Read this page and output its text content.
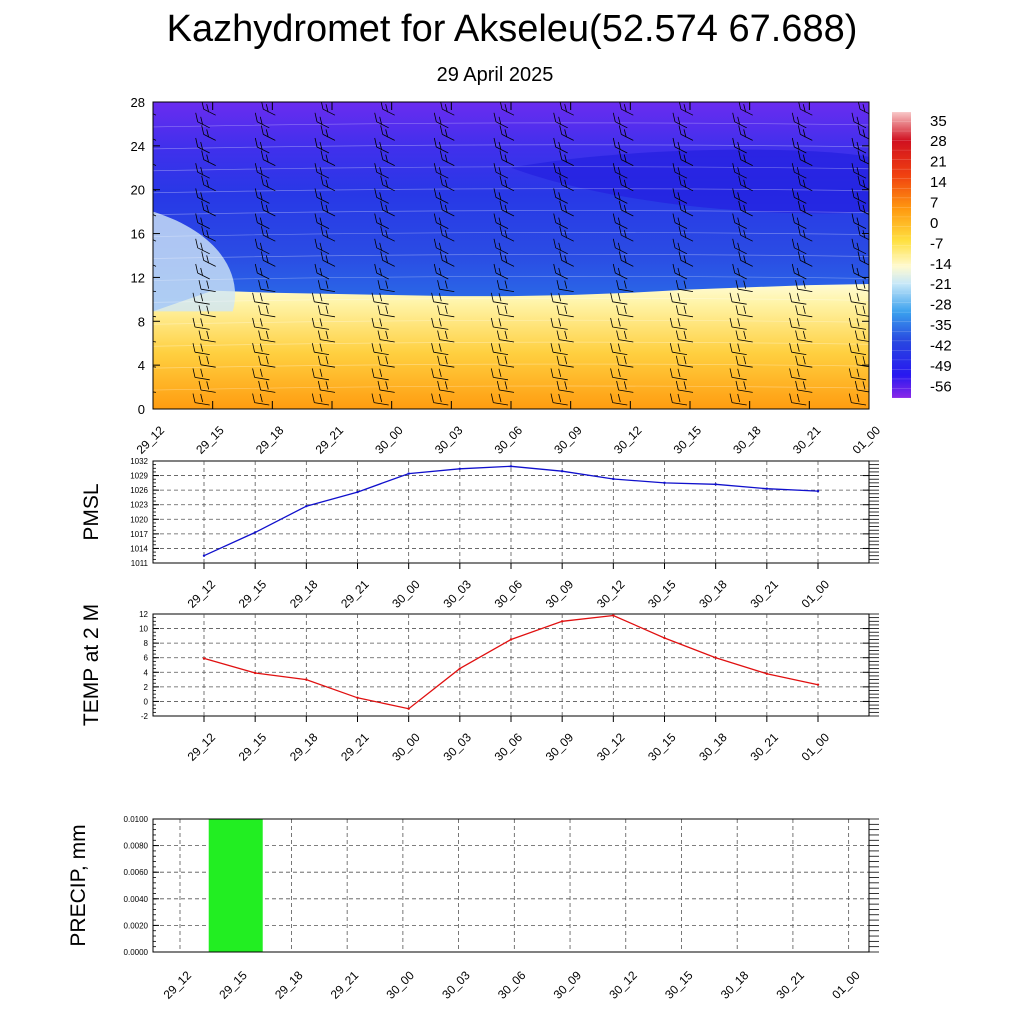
Kazhydromet for Akseleu(52.574 67.688)
29 April 2025
0
4
8
12
16
20
24
28
29_12 29_15 29_18 29_21 30_00 30_03 30_06 30_09 30_12 30_15 30_18 30_21 01_00
35
28
21
14
7
0
-7
-14
-21
-28
-35
-42
-49
-56
1011
1014
1017
1020
1023
1026
1029
1032
29_12 29_15 29_18 29_21 30_00 30_03 30_06 30_09 30_12 30_15 30_18 30_21 01_00
PMSL
-2
0
2
4
6
8
10
12
29_12 29_15 29_18 29_21 30_00 30_03 30_06 30_09 30_12 30_15 30_18 30_21 01_00
TEMP at 2 M
0.0000
0.0020
0.0040
0.0060
0.0080
0.0100
29_12 29_15 29_18 29_21 30_00 30_03 30_06 30_09 30_12 30_15 30_18 30_21 01_00
PRECIP, mm
